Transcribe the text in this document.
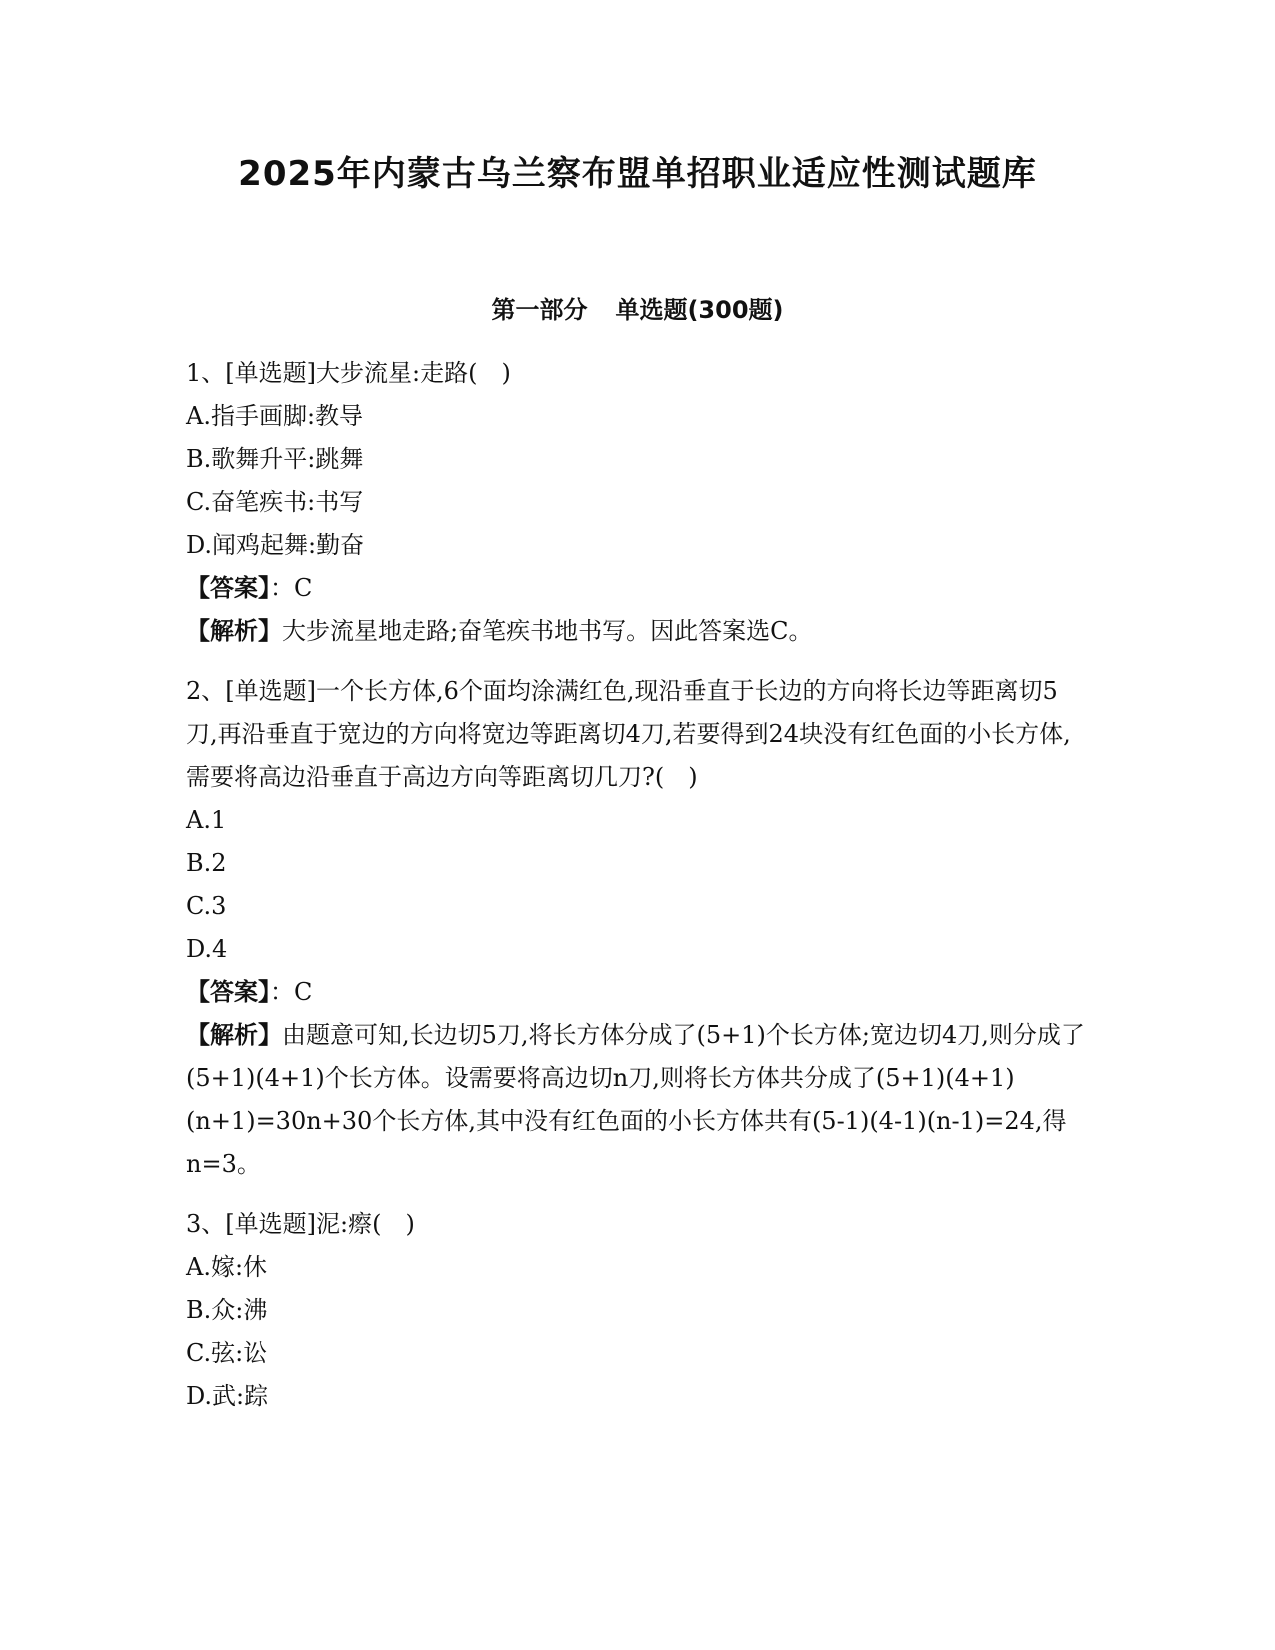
2025年内蒙古乌兰察布盟单招职业适应性测试题库
第一部分 单选题(300题)

1、[单选题]大步流星:走路(　)

A.指手画脚:教导

B.歌舞升平:跳舞

C.奋笔疾书:书写

D.闻鸡起舞:勤奋

【答案】：C

【解析】大步流星地走路;奋笔疾书地书写。因此答案选C。

2、[单选题]一个长方体,6个面均涂满红色,现沿垂直于长边的方向将长边等距离切5刀,再沿垂直于宽边的方向将宽边等距离切4刀,若要得到24块没有红色面的小长方体,需要将高边沿垂直于高边方向等距离切几刀?(　)

A.1

B.2

C.3

D.4

【答案】：C

【解析】由题意可知,长边切5刀,将长方体分成了(5+1)个长方体;宽边切4刀,则分成了(5+1)(4+1)个长方体。设需要将高边切n刀,则将长方体共分成了(5+1)(4+1)(n+1)=30n+30个长方体,其中没有红色面的小长方体共有(5-1)(4-1)(n-1)=24,得n=3。

3、[单选题]泥:瘵(　)

A.嫁:休

B.众:沸

C.弦:讼

D.武:踪
